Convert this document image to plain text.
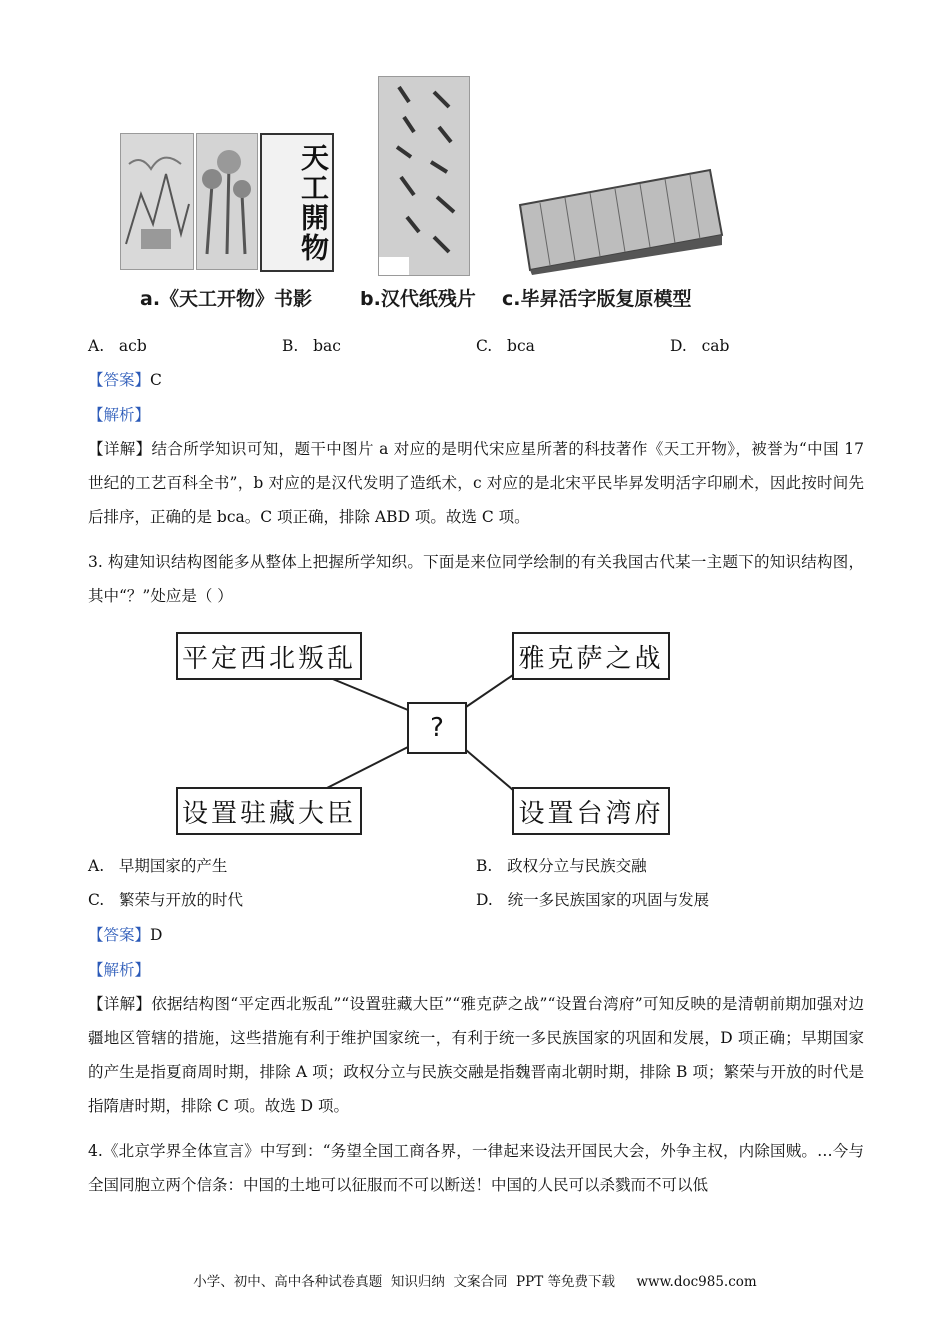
天工開物
a.《天工开物》书影	b.汉代纸残片 c.毕昇活字版复原模型
A. acb	B. bac	C. bca	D. cab
【答案】C
【解析】
【详解】结合所学知识可知，题干中图片 a 对应的是明代宋应星所著的科技著作《天工开物》，被誉为“中国 17 世纪的工艺百科全书”，b 对应的是汉代发明了造纸术，c 对应的是北宋平民毕昇发明活字印刷术，因此按时间先后排序，正确的是 bca。C 项正确，排除 ABD 项。故选 C 项。
3. 构建知识结构图能多从整体上把握所学知织。下面是来位同学绘制的有关我国古代某一主题下的知识结构图，其中“？”处应是（ ）
平定西北叛乱	雅克萨之战
?
设置驻藏大臣	设置台湾府
A. 早期国家的产生	B. 政权分立与民族交融
C. 繁荣与开放的时代	D. 统一多民族国家的巩固与发展
【答案】D
【解析】
【详解】依据结构图“平定西北叛乱”“设置驻藏大臣”“雅克萨之战”“设置台湾府”可知反映的是清朝前期加强对边疆地区管辖的措施，这些措施有利于维护国家统一，有利于统一多民族国家的巩固和发展，D 项正确；早期国家的产生是指夏商周时期，排除 A 项；政权分立与民族交融是指魏晋南北朝时期，排除 B 项；繁荣与开放的时代是指隋唐时期，排除 C 项。故选 D 项。
4.《北京学界全体宣言》中写到：“务望全国工商各界，一律起来设法开国民大会，外争主权，内除国贼。…今与全国同胞立两个信条：中国的土地可以征服而不可以断送！中国的人民可以杀戮而不可以低
小学、初中、高中各种试卷真题  知识归纳  文案合同  PPT 等免费下载     www.doc985.com
